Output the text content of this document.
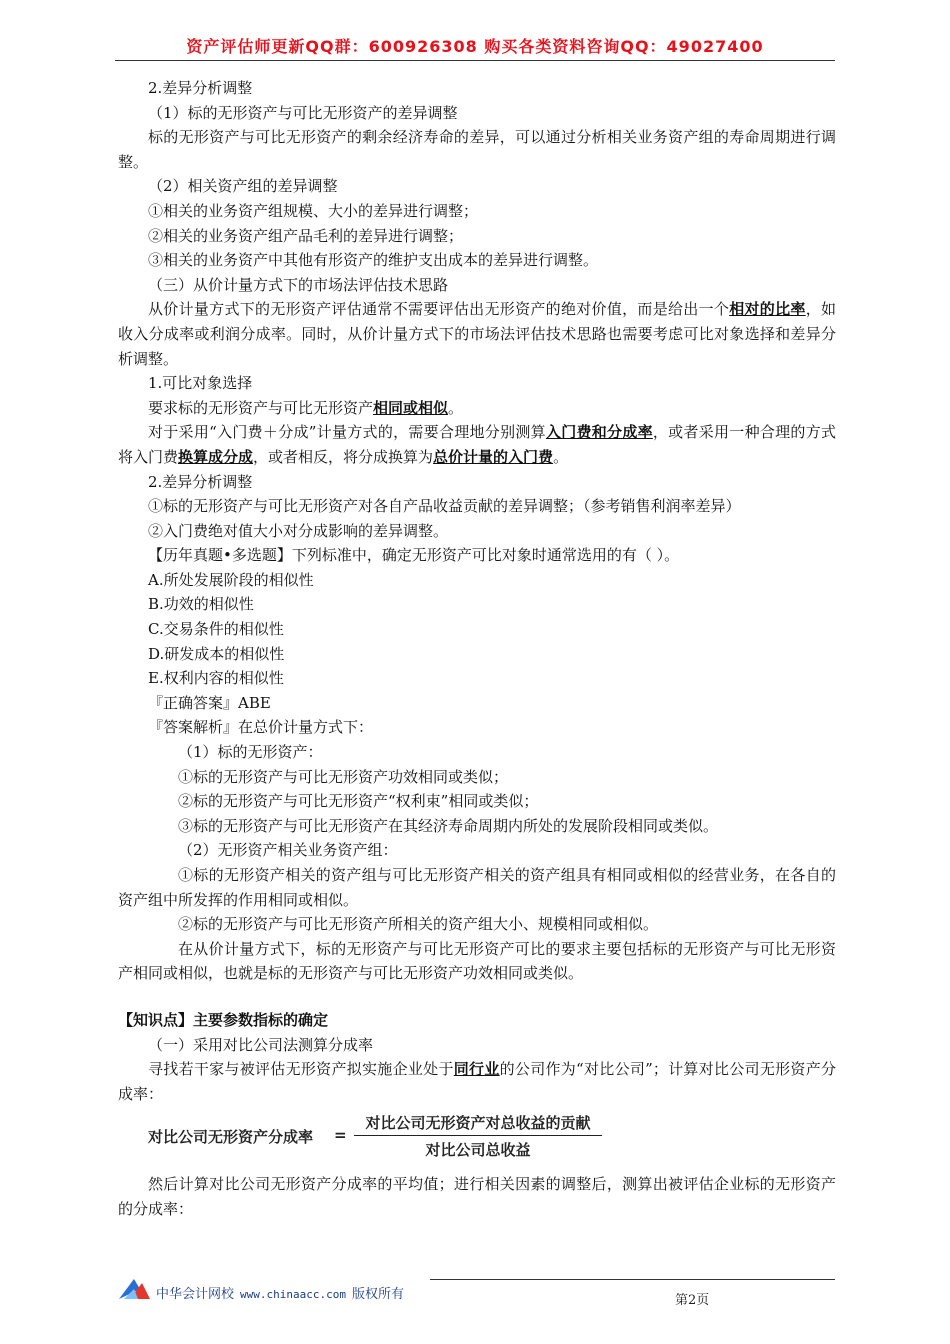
资产评估师更新QQ群：600926308 购买各类资料咨询QQ：49027400

2.差异分析调整

（1）标的无形资产与可比无形资产的差异调整

标的无形资产与可比无形资产的剩余经济寿命的差异，可以通过分析相关业务资产组的寿命周期进行调整。

（2）相关资产组的差异调整

①相关的业务资产组规模、大小的差异进行调整；

②相关的业务资产组产品毛利的差异进行调整；

③相关的业务资产中其他有形资产的维护支出成本的差异进行调整。

（三）从价计量方式下的市场法评估技术思路

从价计量方式下的无形资产评估通常不需要评估出无形资产的绝对价值，而是给出一个相对的比率，如收入分成率或利润分成率。同时，从价计量方式下的市场法评估技术思路也需要考虑可比对象选择和差异分析调整。

1.可比对象选择

要求标的无形资产与可比无形资产相同或相似。

对于采用“入门费＋分成”计量方式的，需要合理地分别测算入门费和分成率，或者采用一种合理的方式将入门费换算成分成，或者相反，将分成换算为总价计量的入门费。

2.差异分析调整

①标的无形资产与可比无形资产对各自产品收益贡献的差异调整；（参考销售利润率差异）

②入门费绝对值大小对分成影响的差异调整。

【历年真题•多选题】下列标准中，确定无形资产可比对象时通常选用的有（ ）。

A.所处发展阶段的相似性

B.功效的相似性

C.交易条件的相似性

D.研发成本的相似性

E.权利内容的相似性

『正确答案』ABE

『答案解析』在总价计量方式下：

（1）标的无形资产：

①标的无形资产与可比无形资产功效相同或类似；

②标的无形资产与可比无形资产“权利束”相同或类似；

③标的无形资产与可比无形资产在其经济寿命周期内所处的发展阶段相同或类似。

（2）无形资产相关业务资产组：

①标的无形资产相关的资产组与可比无形资产相关的资产组具有相同或相似的经营业务，在各自的资产组中所发挥的作用相同或相似。

②标的无形资产与可比无形资产所相关的资产组大小、规模相同或相似。

在从价计量方式下，标的无形资产与可比无形资产可比的要求主要包括标的无形资产与可比无形资产相同或相似，也就是标的无形资产与可比无形资产功效相同或类似。

【知识点】主要参数指标的确定

（一）采用对比公司法测算分成率

寻找若干家与被评估无形资产拟实施企业处于同行业的公司作为“对比公司”；计算对比公司无形资产分成率：

对比公司无形资产分成率 =
对比公司无形资产对总收益的贡献
对比公司总收益

然后计算对比公司无形资产分成率的平均值；进行相关因素的调整后，测算出被评估企业标的无形资产的分成率：

中华会计网校 www.chinaacc.com 版权所有	第2页
